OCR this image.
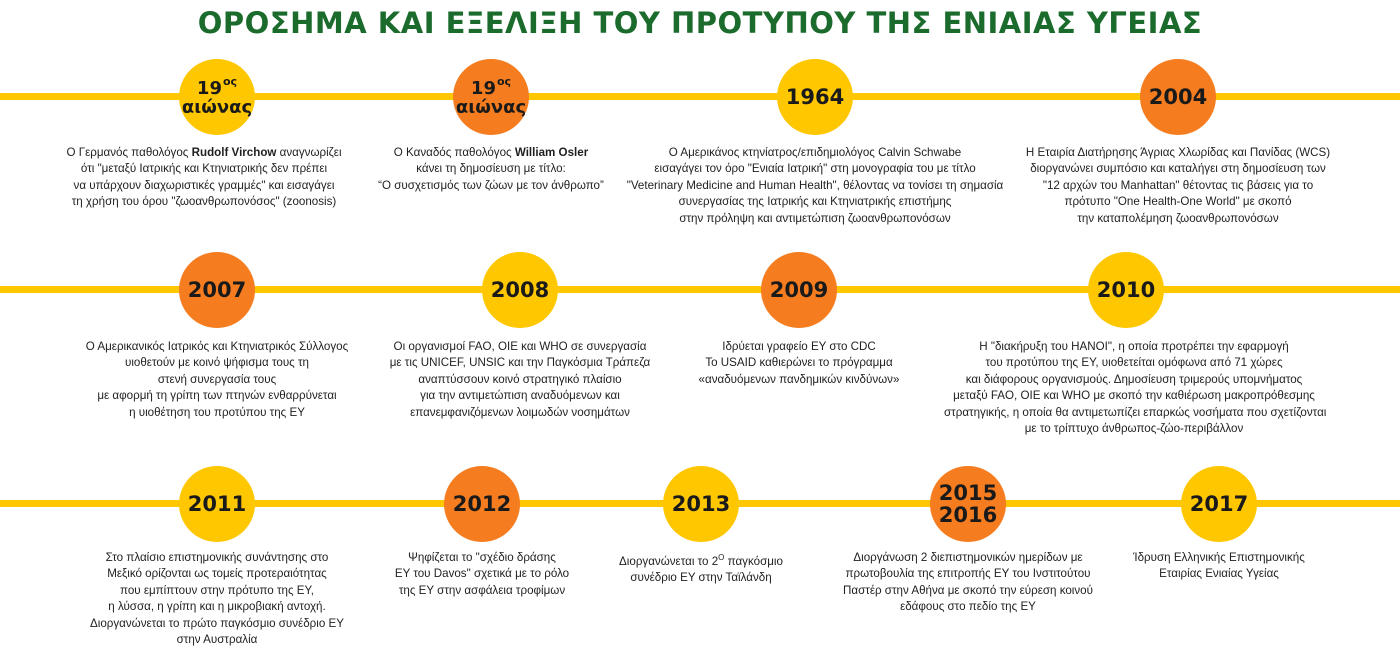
ΟΡΟΣΗΜΑ ΚΑΙ ΕΞΕΛΙΞΗ ΤΟΥ ΠΡΟΤΥΠΟΥ ΤΗΣ ΕΝΙΑΙΑΣ ΥΓΕΙΑΣ
$19^{o\varsigma}$
αιώνας
Ο Γερμανός παθολόγος Rudolf Virchow αναγνωρίζει
ότι "μεταξύ Ιατρικής και Κτηνιατρικής δεν πρέπει
να υπάρχουν διαχωριστικές γραμμές" και εισαγάγει
τη χρήση του όρου "ζωοανθρωπονόσος" (zoonosis)
$19^{o\varsigma}$
αιώνας
Ο Καναδός παθολόγος William Osler
κάνει τη δημοσίευση με τίτλο:
“Ο συσχετισμός των ζώων με τον άνθρωπο”
1964
Ο Αμερικάνος κτηνίατρος/επιδημιολόγος Calvin Schwabe
εισαγάγει τον όρο "Ενιαία Ιατρική" στη μονογραφία του με τίτλο
"Veterinary Medicine and Human Health", θέλοντας να τονίσει τη σημασία
συνεργασίας της Ιατρικής και Κτηνιατρικής επιστήμης
στην πρόληψη και αντιμετώπιση ζωοανθρωπονόσων
2004
Η Εταιρία Διατήρησης Άγριας Χλωρίδας και Πανίδας (WCS)
διοργανώνει συμπόσιο και καταλήγει στη δημοσίευση των
"12 αρχών του Manhattan" θέτοντας τις βάσεις για το
πρότυπο "One Health-One World" με σκοπό
την καταπολέμηση ζωοανθρωπονόσων
2007
Ο Αμερικανικός Ιατρικός και Κτηνιατρικός Σύλλογος
υιοθετούν με κοινό ψήφισμα τους τη
στενή συνεργασία τους
με αφορμή τη γρίπη των πτηνών ενθαρρύνεται
η υιοθέτηση του προτύπου της ΕΥ
2008
Οι οργανισμοί FAO, OIE και WHO σε συνεργασία
με τις UNICEF, UNSIC και την Παγκόσμια Τράπεζα
αναπτύσσουν κοινό στρατηγικό πλαίσιο
για την αντιμετώπιση αναδυόμενων και
επανεμφανιζόμενων λοιμωδών νοσημάτων
2009
Ιδρύεται γραφείο ΕΥ στο CDC
Το USAID καθιερώνει το πρόγραμμα
«αναδυόμενων πανδημικών κινδύνων»
2010
Η "διακήρυξη του HANOI", η οποία προτρέπει την εφαρμογή
του προτύπου της ΕΥ, υιοθετείται ομόφωνα από 71 χώρες
και διάφορους οργανισμούς. Δημοσίευση τριμερούς υπομνήματος
μεταξύ FAO, OIE και WHO με σκοπό την καθιέρωση μακροπρόθεσμης
στρατηγικής, η οποία θα αντιμετωπίζει επαρκώς νοσήματα που σχετίζονται
με το τρίπτυχο άνθρωπος-ζώο-περιβάλλον
2011
Στο πλαίσιο επιστημονικής συνάντησης στο
Μεξικό ορίζονται ως τομείς προτεραιότητας
που εμπίπτουν στην πρότυπο της ΕΥ,
η λύσσα, η γρίπη και η μικροβιακή αντοχή.
Διοργανώνεται το πρώτο παγκόσμιο συνέδριο ΕΥ
στην Αυστραλία
2012
Ψηφίζεται το "σχέδιο δράσης
ΕΥ του Davos" σχετικά με το ρόλο
της ΕΥ στην ασφάλεια τροφίμων
2013
Διοργανώνεται το $2^O$ παγκόσμιο
συνέδριο ΕΥ στην Ταϊλάνδη
2015
2016
Διοργάνωση 2 διεπιστημονικών ημερίδων με
πρωτοβουλία της επιτροπής ΕΥ του Ινστιτούτου
Παστέρ στην Αθήνα με σκοπό την εύρεση κοινού
εδάφους στο πεδίο της ΕΥ
2017
Ίδρυση Ελληνικής Επιστημονικής
Εταιρίας Ενιαίας Υγείας
